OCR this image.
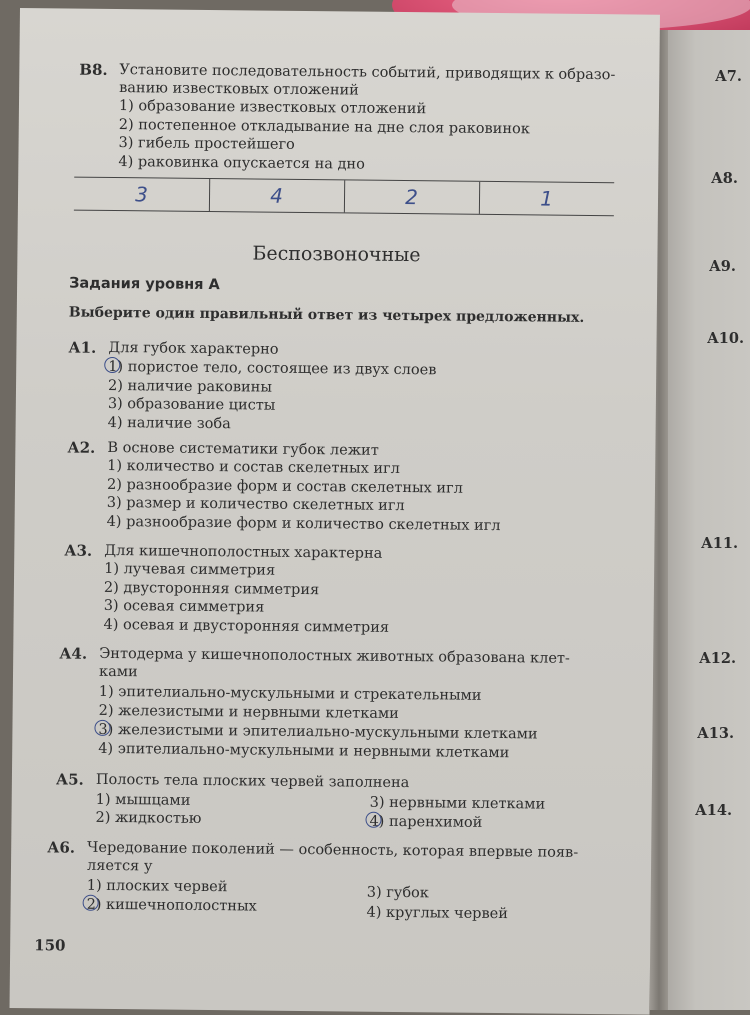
А7.
А8.
А9.
А10.
А11.
А12.
А13.
А14.
B8. Установите последовательность событий, приводящих к образо-
ванию известковых отложений
1) образование известковых отложений
2) постепенное откладывание на дне слоя раковинок
3) гибель простейшего
4) раковинка опускается на дно
3	4	2	1
Беспозвоночные
Задания уровня А
Выберите один правильный ответ из четырех предложенных.
А1. Для губок характерно
1) пористое тело, состоящее из двух слоев
2) наличие раковины
3) образование цисты
4) наличие зоба
А2. В основе систематики губок лежит
1) количество и состав скелетных игл
2) разнообразие форм и состав скелетных игл
3) размер и количество скелетных игл
4) разнообразие форм и количество скелетных игл
А3. Для кишечнополостных характерна
1) лучевая симметрия
2) двусторонняя симметрия
3) осевая симметрия
4) осевая и двусторонняя симметрия
А4. Энтодерма у кишечнополостных животных образована клет-
ками
1) эпителиально-мускульными и стрекательными
2) железистыми и нервными клетками
3) железистыми и эпителиально-мускульными клетками
4) эпителиально-мускульными и нервными клетками
А5. Полость тела плоских червей заполнена
1) мышцами
2) жидкостью
3) нервными клетками
4) паренхимой
А6. Чередование поколений — особенность, которая впервые появ-
ляется у
1) плоских червей
2) кишечнополостных
3) губок
4) круглых червей
150
